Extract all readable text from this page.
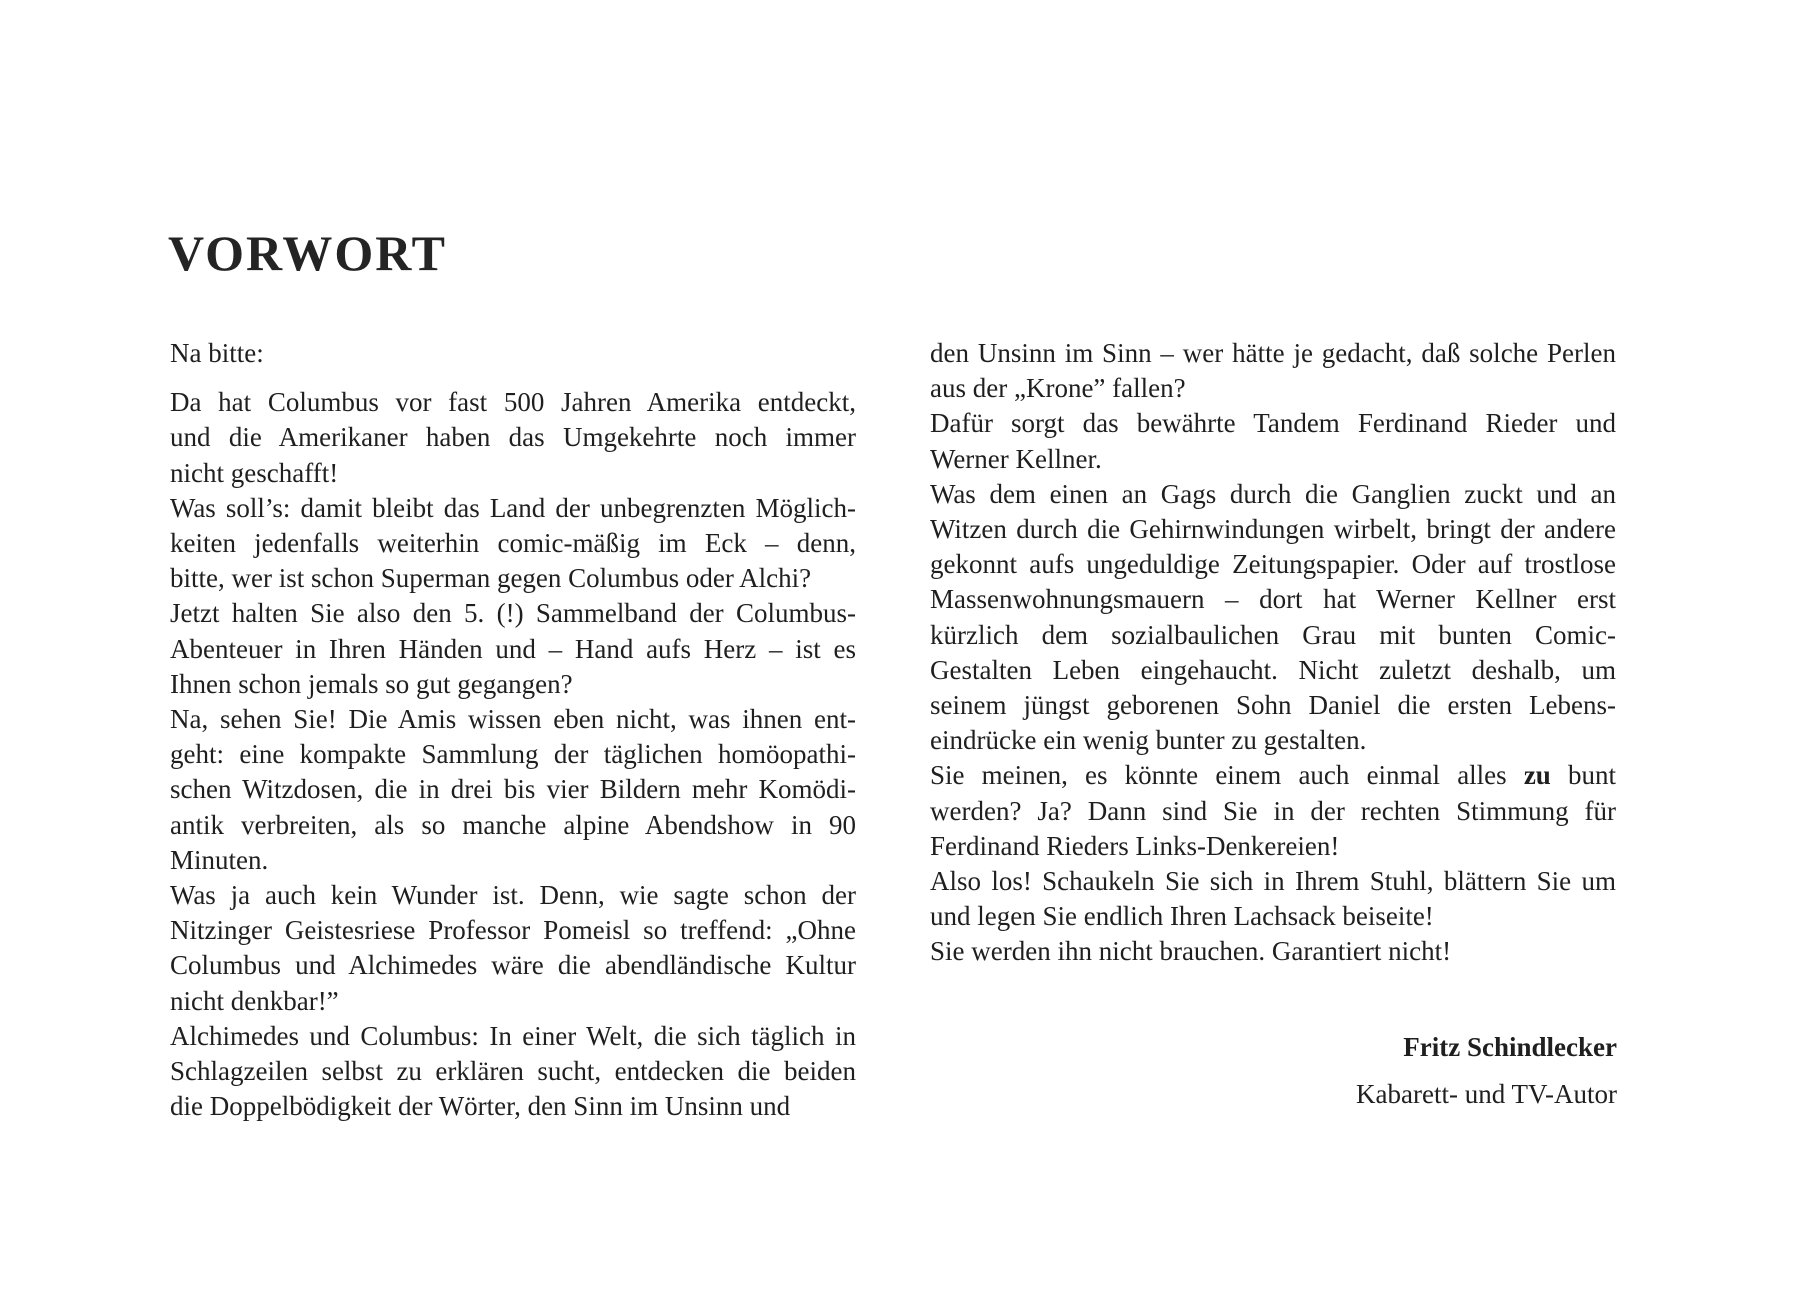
VORWORT

Na bitte:

Da hat Columbus vor fast 500 Jahren Amerika entdeckt,
und die Amerikaner haben das Umgekehrte noch immer
nicht geschafft!

Was soll’s: damit bleibt das Land der unbegrenzten Möglich-
keiten jedenfalls weiterhin comic-mäßig im Eck – denn,
bitte, wer ist schon Superman gegen Columbus oder Alchi?

Jetzt halten Sie also den 5. (!) Sammelband der Columbus-
Abenteuer in Ihren Händen und – Hand aufs Herz – ist es
Ihnen schon jemals so gut gegangen?

Na, sehen Sie! Die Amis wissen eben nicht, was ihnen ent-
geht: eine kompakte Sammlung der täglichen homöopathi-
schen Witzdosen, die in drei bis vier Bildern mehr Komödi-
antik verbreiten, als so manche alpine Abendshow in 90
Minuten.

Was ja auch kein Wunder ist. Denn, wie sagte schon der
Nitzinger Geistesriese Professor Pomeisl so treffend: „Ohne
Columbus und Alchimedes wäre die abendländische Kultur
nicht denkbar!”

Alchimedes und Columbus: In einer Welt, die sich täglich in
Schlagzeilen selbst zu erklären sucht, entdecken die beiden
die Doppelbödigkeit der Wörter, den Sinn im Unsinn und

den Unsinn im Sinn – wer hätte je gedacht, daß solche Perlen
aus der „Krone” fallen?

Dafür sorgt das bewährte Tandem Ferdinand Rieder und
Werner Kellner.

Was dem einen an Gags durch die Ganglien zuckt und an
Witzen durch die Gehirnwindungen wirbelt, bringt der andere
gekonnt aufs ungeduldige Zeitungspapier. Oder auf trostlose
Massenwohnungsmauern – dort hat Werner Kellner erst
kürzlich dem sozialbaulichen Grau mit bunten Comic-
Gestalten Leben eingehaucht. Nicht zuletzt deshalb, um
seinem jüngst geborenen Sohn Daniel die ersten Lebens-
eindrücke ein wenig bunter zu gestalten.

Sie meinen, es könnte einem auch einmal alles zu bunt
werden? Ja? Dann sind Sie in der rechten Stimmung für
Ferdinand Rieders Links-Denkereien!

Also los! Schaukeln Sie sich in Ihrem Stuhl, blättern Sie um
und legen Sie endlich Ihren Lachsack beiseite!

Sie werden ihn nicht brauchen. Garantiert nicht!

Fritz Schindlecker
Kabarett- und TV-Autor
